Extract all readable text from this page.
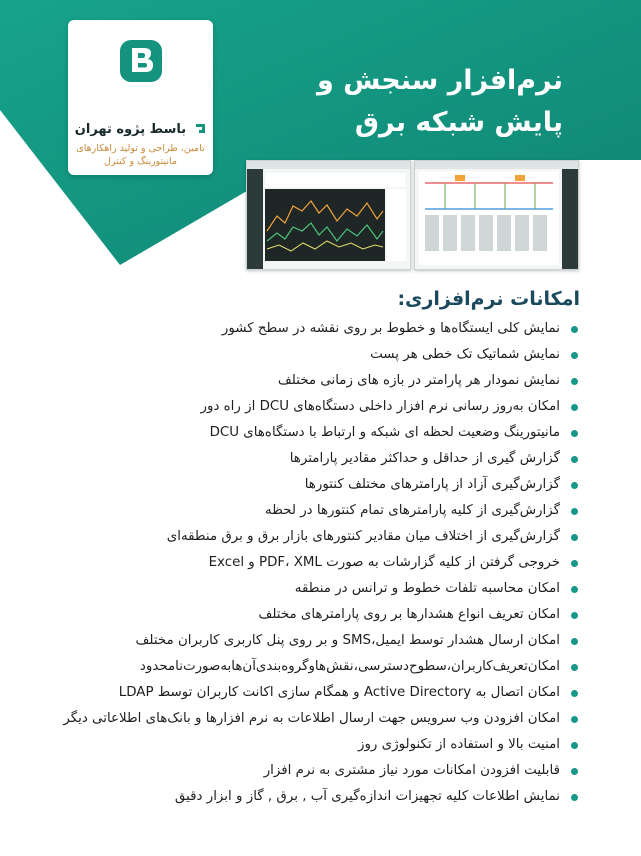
باسط پژوه تهران
تامین، طراحی و تولید راهکارهای مانیتورینگ و کنترل
نرم‌افزار سنجش و
پایش شبکه برق
امکانات نرم‌افزاری:
نمایش کلی ایستگاه‌ها و خطوط بر روی نقشه در سطح کشور
نمایش شماتیک تک خطی هر پست
نمایش نمودار هر پارامتر در بازه های زمانی مختلف
امکان به‌روز رسانی نرم افزار داخلی دستگاه‌های DCU از راه دور
مانیتورینگ وضعیت لحظه ای شبکه و ارتباط با دستگاه‌های DCU
گزارش گیری از حداقل و حداکثر مقادیر پارامترها
گزارش‌گیری آزاد از پارامترهای مختلف کنتورها
گزارش‌گیری از کلیه پارامترهای تمام کنتورها در لحظه
گزارش‌گیری از اختلاف میان مقادیر کنتورهای بازار برق و برق منطقه‌ای
خروجی گرفتن از کلیه گزارشات به صورت PDF، XML و Excel
امکان محاسبه تلفات خطوط و ترانس در منطقه
امکان تعریف انواع هشدارها بر روی پارامترهای مختلف
امکان ارسال هشدار توسط ایمیل،SMS و بر روی پنل کاربری کاربران مختلف
امکان‌تعریف‌کاربران،سطوح‌دسترسی،نقش‌ها‌و‌گروه‌بندی‌آن‌ها‌به‌صورت‌نامحدود
امکان اتصال به Active Directory و همگام سازی اکانت کاربران توسط LDAP
امکان افزودن وب سرویس جهت ارسال اطلاعات به نرم افزارها و بانک‌های اطلاعاتی دیگر
امنیت بالا و استفاده از تکنولوژی روز
قابلیت افزودن امکانات مورد نیاز مشتری به نرم افزار
نمایش اطلاعات کلیه تجهیزات اندازه‌گیری آب , برق , گاز و ابزار دقیق
